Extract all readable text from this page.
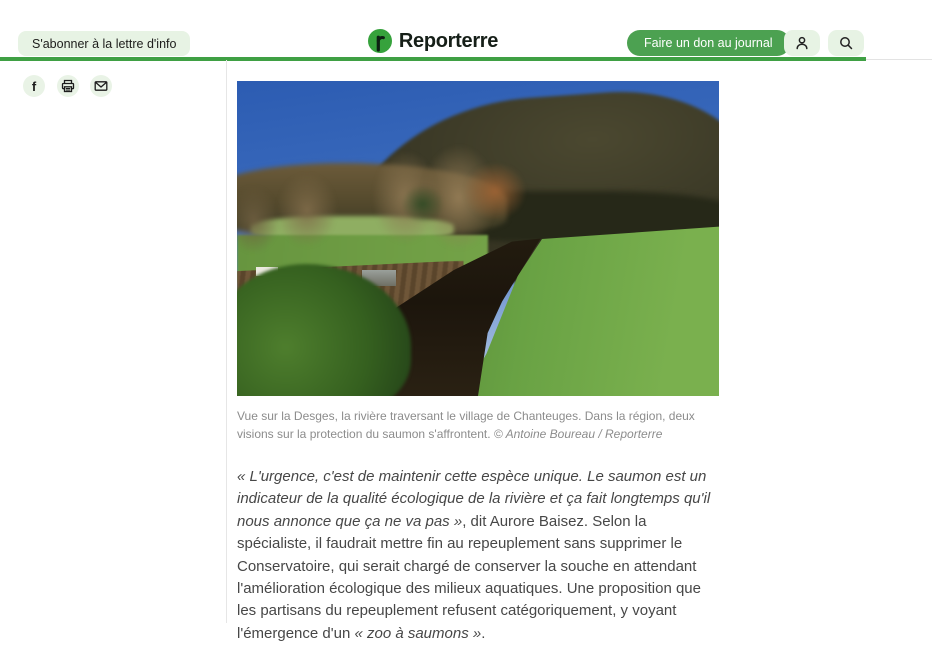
S'abonner à la lettre d'info	Reporterre	Faire un don au journal
f
Vue sur la Desges, la rivière traversant le village de Chanteuges. Dans la région, deux visions sur la protection du saumon s'affrontent. © Antoine Boureau / Reporterre

« L'urgence, c'est de maintenir cette espèce unique. Le saumon est un indicateur de la qualité écologique de la rivière et ça fait longtemps qu'il nous annonce que ça ne va pas », dit Aurore Baisez. Selon la spécialiste, il faudrait mettre fin au repeuplement sans supprimer le Conservatoire, qui serait chargé de conserver la souche en attendant l'amélioration écologique des milieux aquatiques. Une proposition que les partisans du repeuplement refusent catégoriquement, y voyant l'émergence d'un « zoo à saumons ».
